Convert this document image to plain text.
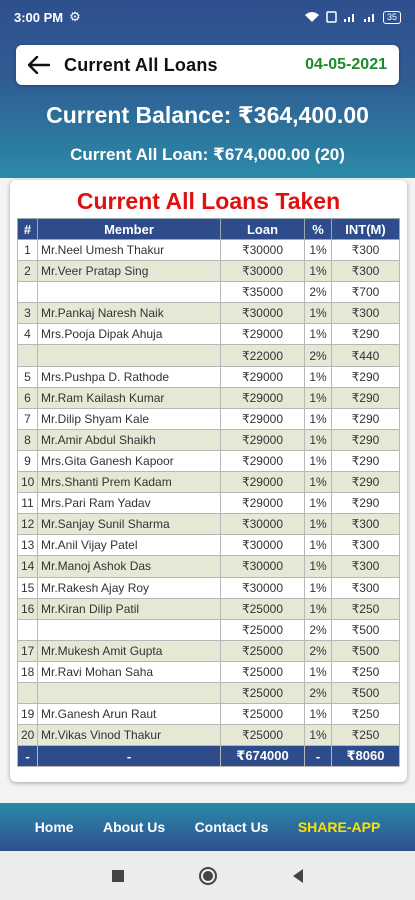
3:00 PM ⚙	35
Current All Loans	04-05-2021
Current Balance: ₹364,400.00
Current All Loan: ₹674,000.00 (20)
Current All Loans Taken
#	Member	Loan	%	INT(M)
1	Mr.Neel Umesh Thakur	₹30000	1%	₹300
2	Mr.Veer Pratap Sing	₹30000	1%	₹300
		₹35000	2%	₹700
3	Mr.Pankaj Naresh Naik	₹30000	1%	₹300
4	Mrs.Pooja Dipak Ahuja	₹29000	1%	₹290
		₹22000	2%	₹440
5	Mrs.Pushpa D. Rathode	₹29000	1%	₹290
6	Mr.Ram Kailash Kumar	₹29000	1%	₹290
7	Mr.Dilip Shyam Kale	₹29000	1%	₹290
8	Mr.Amir Abdul Shaikh	₹29000	1%	₹290
9	Mrs.Gita Ganesh Kapoor	₹29000	1%	₹290
10	Mrs.Shanti Prem Kadam	₹29000	1%	₹290
11	Mrs.Pari Ram Yadav	₹29000	1%	₹290
12	Mr.Sanjay Sunil Sharma	₹30000	1%	₹300
13	Mr.Anil Vijay Patel	₹30000	1%	₹300
14	Mr.Manoj Ashok Das	₹30000	1%	₹300
15	Mr.Rakesh Ajay Roy	₹30000	1%	₹300
16	Mr.Kiran Dilip Patil	₹25000	1%	₹250
		₹25000	2%	₹500
17	Mr.Mukesh Amit Gupta	₹25000	2%	₹500
18	Mr.Ravi Mohan Saha	₹25000	1%	₹250
		₹25000	2%	₹500
19	Mr.Ganesh Arun Raut	₹25000	1%	₹250
20	Mr.Vikas Vinod Thakur	₹25000	1%	₹250
-	-	₹674000	-	₹8060
Home About Us Contact Us SHARE-APP
